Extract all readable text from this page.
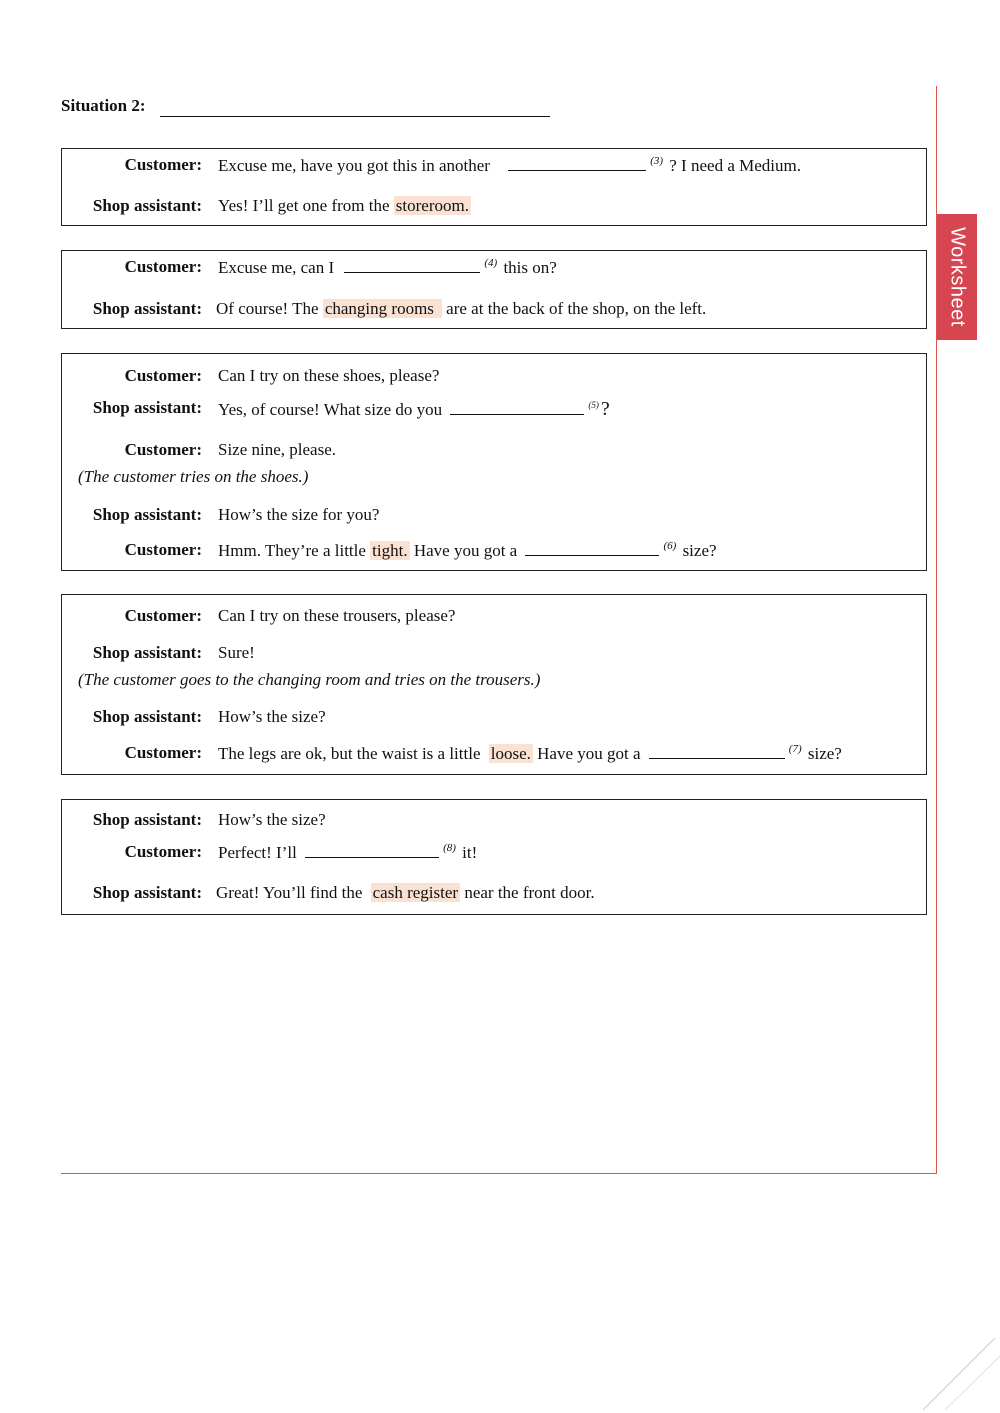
Situation 2:
Customer: Excuse me, have you got this in another	$^{(3)}$ ? I need a Medium.
Shop assistant: Yes! I’ll get one from the storeroom.
Customer: Excuse me, can I	$^{(4)}$ this on?
Shop assistant: Of course! The changing rooms are at the back of the shop, on the left.
Customer: Can I try on these shoes, please?
Shop assistant: Yes, of course! What size do you	$^{(5)}$ ?
Customer: Size nine, please.
(The customer tries on the shoes.)
Shop assistant: How’s the size for you?
Customer: Hmm. They’re a little tight. Have you got a	$^{(6)}$ size?
Customer: Can I try on these trousers, please?
Shop assistant: Sure!
(The customer goes to the changing room and tries on the trousers.)
Shop assistant: How’s the size?
Customer: The legs are ok, but the waist is a little loose. Have you got a	$^{(7)}$ size?
Shop assistant: How’s the size?
Customer: Perfect! I’ll	$^{(8)}$ it!
Shop assistant: Great! You’ll find the cash register near the front door.
Worksheet
